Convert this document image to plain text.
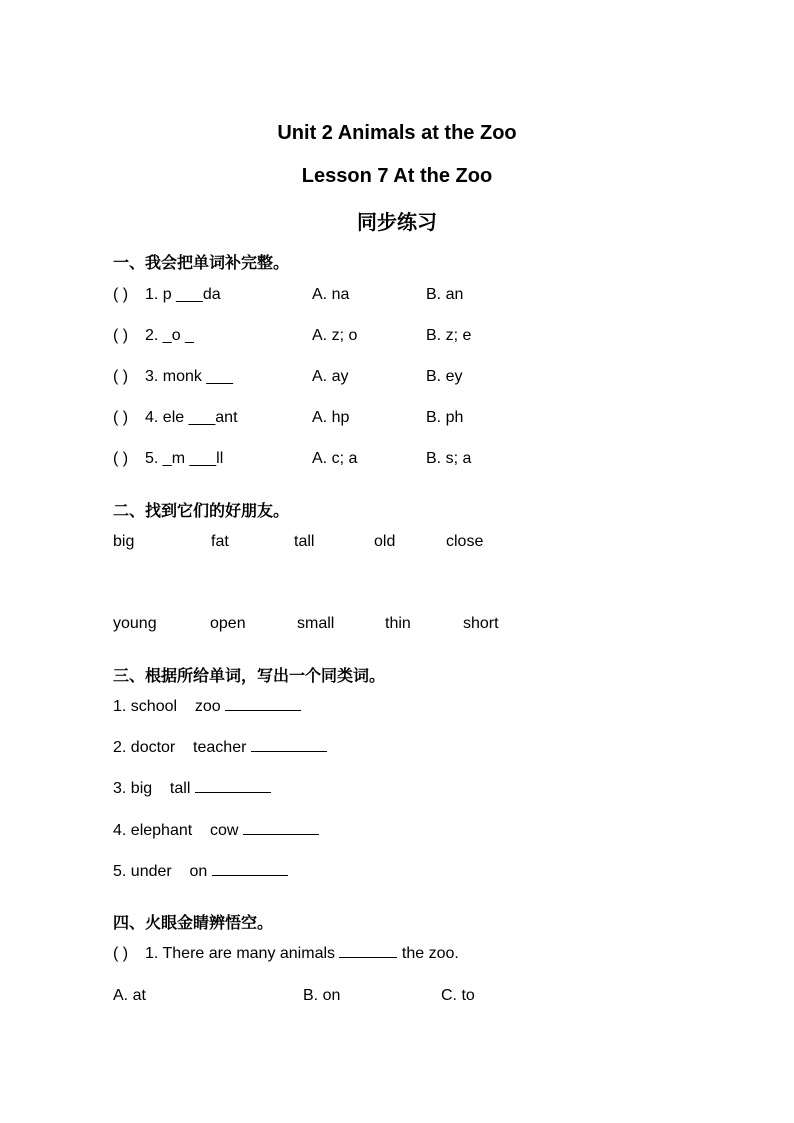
Unit 2 Animals at the Zoo
Lesson 7 At the Zoo
同步练习
一、我会把单词补完整。
( ) 1. p ___da	A. na	B. an
( ) 2. _o _	A. z; o	B. z; e
( ) 3. monk ___	A. ay	B. ey
( ) 4. ele ___ant	A. hp	B. ph
( ) 5. _m ___ll	A. c; a	B. s; a
二、找到它们的好朋友。
big	fat	tall	old	close
young	open	small	thin	short
三、根据所给单词，写出一个同类词。
1. school zoo
2. doctor teacher
3. big tall
4. elephant cow
5. under on
四、火眼金睛辨悟空。
( ) 1. There are many animals	the zoo.
A. at	B. on	C. to
